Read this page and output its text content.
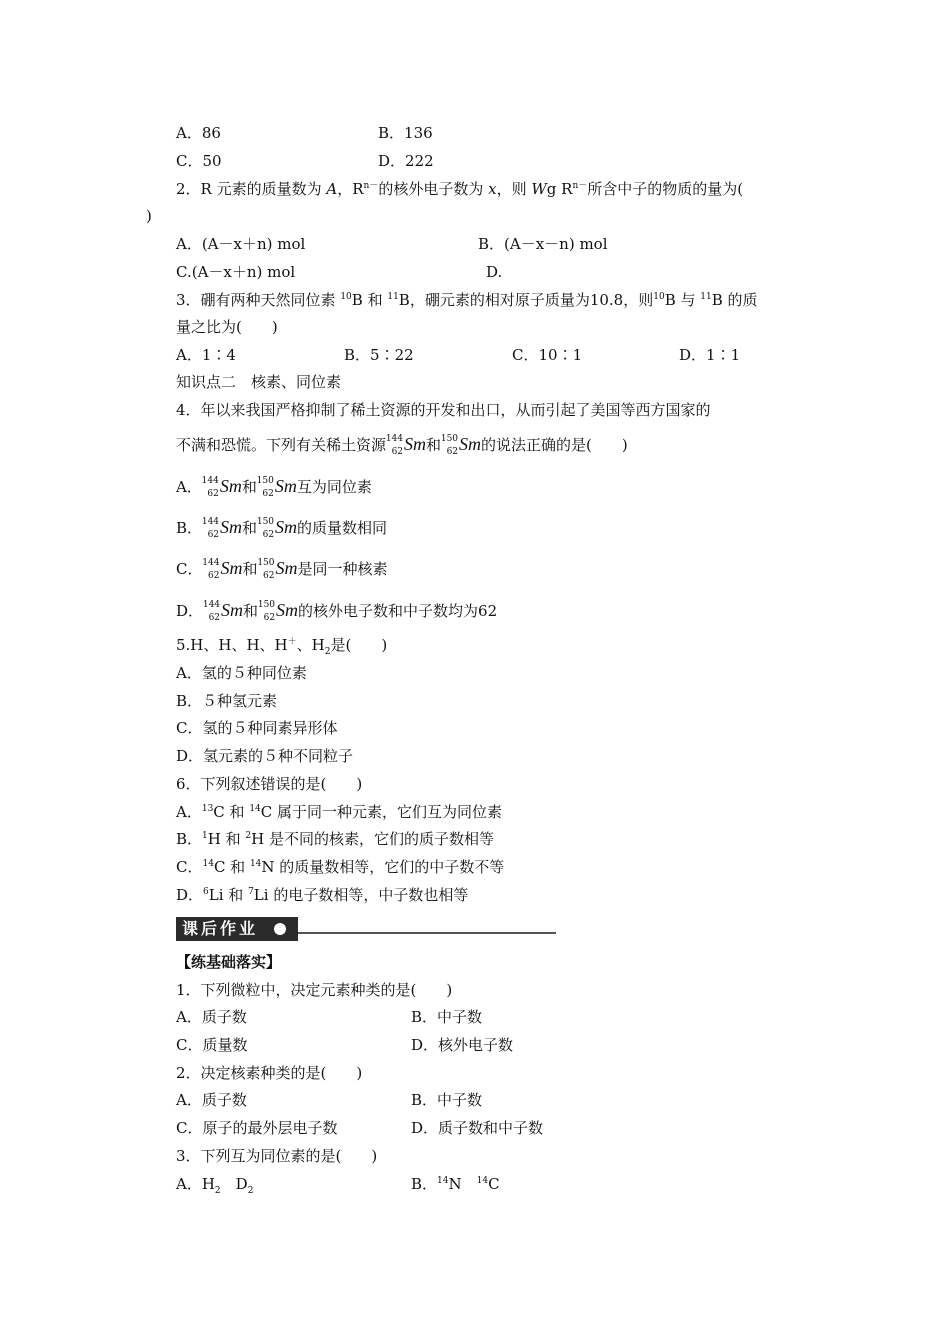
A．86	B．136
C．50	D．222
2．R 元素的质量数为 A，$R^{n-}$的核外电子数为 x，则 Wg $R^{n-}$所含中子的物质的量为(
)
A．(A－x＋n) mol	B．(A－x－n) mol
C.(A－x＋n) mol	D.
3．硼有两种天然同位素 $^{10}$B 和 $^{11}$B，硼元素的相对原子质量为10.8，则$^{10}$B 与 $^{11}$B 的质
量之比为(　　)
A．1∶4	B．5∶22	C．10∶1	D．1∶1
知识点二　核素、同位素
4．年以来我国严格抑制了稀土资源的开发和出口，从而引起了美国等西方国家的
不满和恐慌。下列有关稀土资源 144
62 Sm和 150
62 Sm的说法正确的是(　　)
A． 144
62 Sm和 150
62 Sm互为同位素
B． 144
62 Sm和 150
62 Sm的质量数相同
C． 144
62 Sm和 150
62 Sm是同一种核素
D． 144
62 Sm和 150
62 Sm的核外电子数和中子数均为62
5.H、H、H、H＋、$H_2$是(　　)
A．氢的５种同位素
B．５种氢元素
C．氢的５种同素异形体
D．氢元素的５种不同粒子
6．下列叙述错误的是(　　)
A．$^{13}$C 和 $^{14}$C 属于同一种元素，它们互为同位素
B．$^1$H 和 $^2$H 是不同的核素，它们的质子数相等
C．$^{14}$C 和 $^{14}$N 的质量数相等，它们的中子数不等
D．$^6$Li 和 $^7$Li 的电子数相等，中子数也相等
课后作业
【练基础落实】
1．下列微粒中，决定元素种类的是(　　)
A．质子数	B．中子数
C．质量数	D．核外电子数
2．决定核素种类的是(　　)
A．质子数	B．中子数
C．原子的最外层电子数	D．质子数和中子数
3．下列互为同位素的是(　　)
A．$H_2$　$D_2$	B．$^{14}$N　$^{14}$C
